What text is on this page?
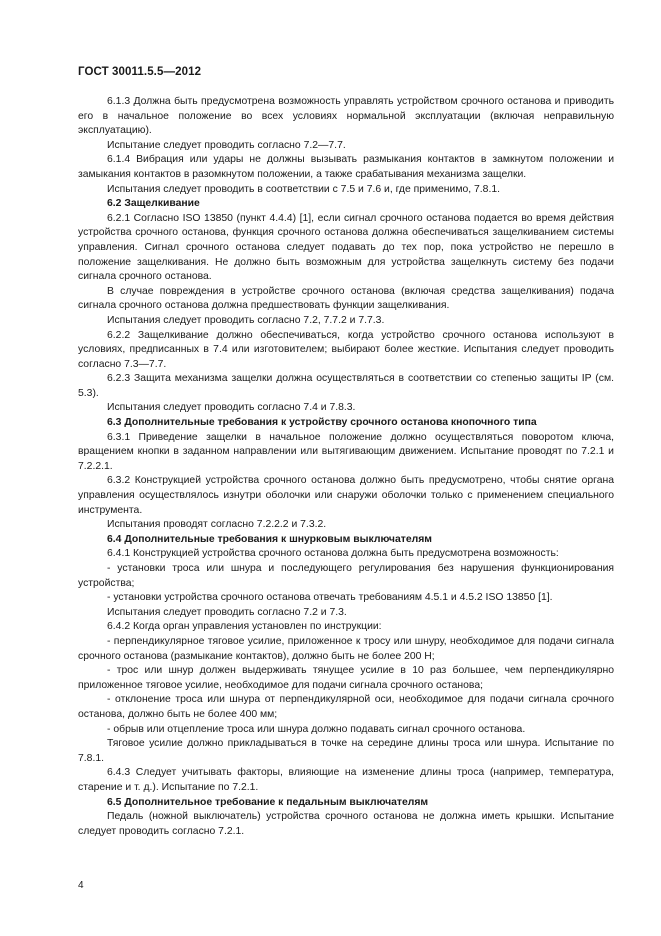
ГОСТ 30011.5.5—2012

6.1.3 Должна быть предусмотрена возможность управлять устройством срочного останова и приводить его в начальное положение во всех условиях нормальной эксплуатации (включая неправильную эксплуатацию).

Испытание следует проводить согласно 7.2—7.7.

6.1.4 Вибрация или удары не должны вызывать размыкания контактов в замкнутом положении и замыкания контактов в разомкнутом положении, а также срабатывания механизма защелки.

Испытания следует проводить в соответствии с 7.5 и 7.6 и, где применимо, 7.8.1.

6.2 Защелкивание

6.2.1 Согласно ISO 13850 (пункт 4.4.4) [1], если сигнал срочного останова подается во время действия устройства срочного останова, функция срочного останова должна обеспечиваться защелкиванием системы управления. Сигнал срочного останова следует подавать до тех пор, пока устройство не перешло в положение защелкивания. Не должно быть возможным для устройства защелкнуть систему без подачи сигнала срочного останова.

В случае повреждения в устройстве срочного останова (включая средства защелкивания) подача сигнала срочного останова должна предшествовать функции защелкивания.

Испытания следует проводить согласно 7.2, 7.7.2 и 7.7.3.

6.2.2 Защелкивание должно обеспечиваться, когда устройство срочного останова используют в условиях, предписанных в 7.4 или изготовителем; выбирают более жесткие. Испытания следует проводить согласно 7.3—7.7.

6.2.3 Защита механизма защелки должна осуществляться в соответствии со степенью защиты IP (см. 5.3).

Испытания следует проводить согласно 7.4 и 7.8.3.

6.3 Дополнительные требования к устройству срочного останова кнопочного типа

6.3.1 Приведение защелки в начальное положение должно осуществляться поворотом ключа, вращением кнопки в заданном направлении или вытягивающим движением. Испытание проводят по 7.2.1 и 7.2.2.1.

6.3.2 Конструкцией устройства срочного останова должно быть предусмотрено, чтобы снятие органа управления осуществлялось изнутри оболочки или снаружи оболочки только с применением специального инструмента.

Испытания проводят согласно 7.2.2.2 и 7.3.2.

6.4 Дополнительные требования к шнурковым выключателям

6.4.1 Конструкцией устройства срочного останова должна быть предусмотрена возможность:

- установки троса или шнура и последующего регулирования без нарушения функционирования устройства;

- установки устройства срочного останова отвечать требованиям 4.5.1 и 4.5.2 ISO 13850 [1].

Испытания следует проводить согласно 7.2 и 7.3.

6.4.2 Когда орган управления установлен по инструкции:

- перпендикулярное тяговое усилие, приложенное к тросу или шнуру, необходимое для подачи сигнала срочного останова (размыкание контактов), должно быть не более 200 Н;

- трос или шнур должен выдерживать тянущее усилие в 10 раз большее, чем перпендикулярно приложенное тяговое усилие, необходимое для подачи сигнала срочного останова;

- отклонение троса или шнура от перпендикулярной оси, необходимое для подачи сигнала срочного останова, должно быть не более 400 мм;

- обрыв или отцепление троса или шнура должно подавать сигнал срочного останова.

Тяговое усилие должно прикладываться в точке на середине длины троса или шнура. Испытание по 7.8.1.

6.4.3 Следует учитывать факторы, влияющие на изменение длины троса (например, температура, старение и т. д.). Испытание по 7.2.1.

6.5 Дополнительное требование к педальным выключателям

Педаль (ножной выключатель) устройства срочного останова не должна иметь крышки. Испытание следует проводить согласно 7.2.1.

4
